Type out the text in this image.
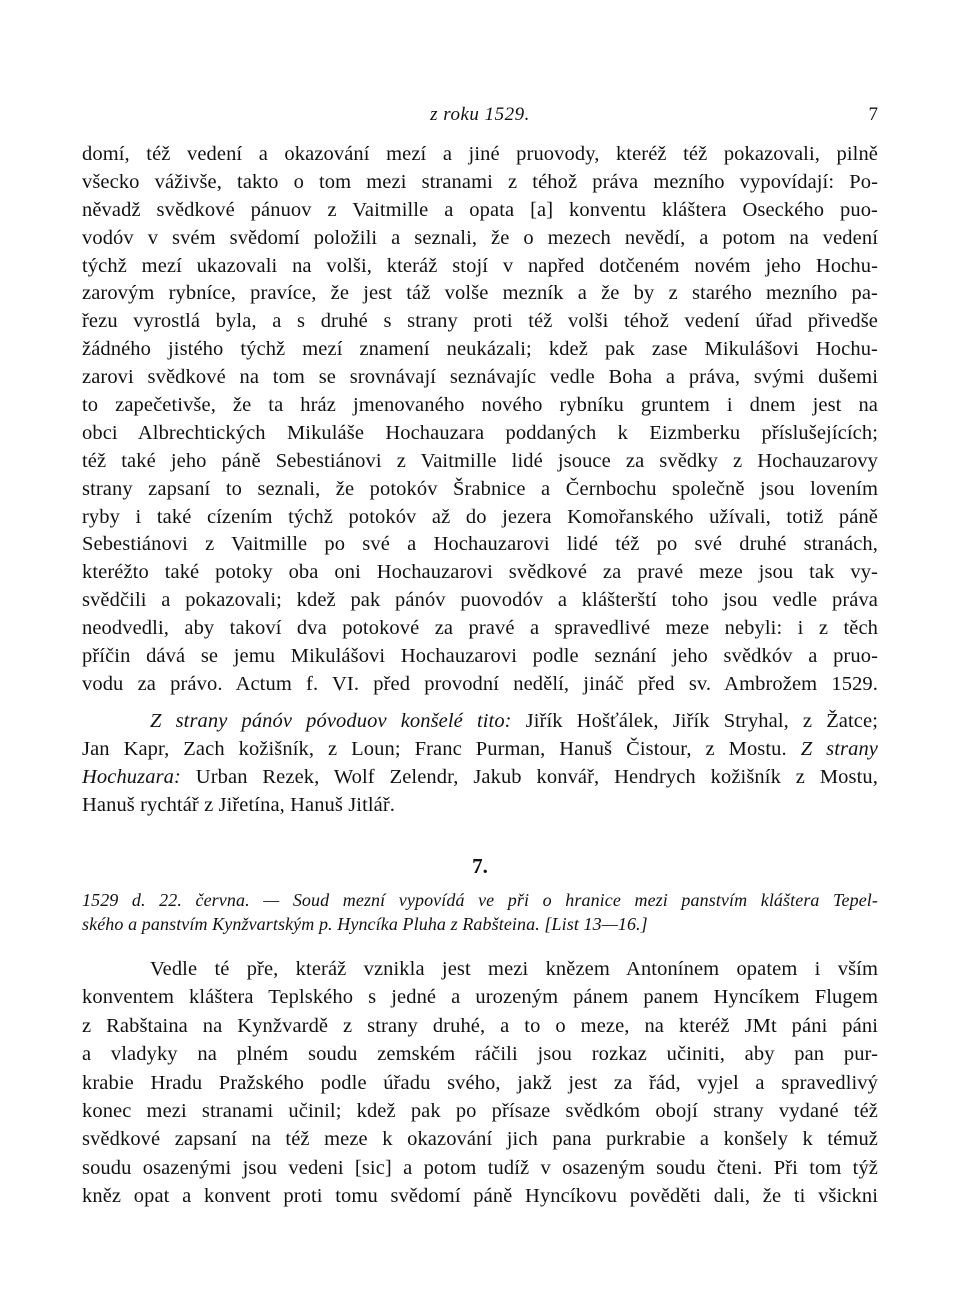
z roku 1529.	7
domí, též vedení a okazování mezí a jiné pruovody, kteréž též pokazovali, pilně
všecko váživše, takto o tom mezi stranami z téhož práva mezního vypovídají: Po-
něvadž svědkové pánuov z Vaitmille a opata [a] konventu kláštera Oseckého puo-
vodóv v svém svědomí položili a seznali, že o mezech nevědí, a potom na vedení
týchž mezí ukazovali na volši, kteráž stojí v napřed dotčeném novém jeho Hochu-
zarovým rybníce, pravíce, že jest táž volše mezník a že by z starého mezního pa-
řezu vyrostlá byla, a s druhé s strany proti též volši téhož vedení úřad přivedše
žádného jistého týchž mezí znamení neukázali; kdež pak zase Mikulášovi Hochu-
zarovi svědkové na tom se srovnávají seznávajíc vedle Boha a práva, svými dušemi
to zapečetivše, že ta hráz jmenovaného nového rybníku gruntem i dnem jest na
obci Albrechtických Mikuláše Hochauzara poddaných k Eizmberku příslušejících;
též také jeho páně Sebestiánovi z Vaitmille lidé jsouce za svědky z Hochauzarovy
strany zapsaní to seznali, že potokóv Šrabnice a Černbochu společně jsou lovením
ryby i také cízením týchž potokóv až do jezera Komořanského užívali, totiž páně
Sebestiánovi z Vaitmille po své a Hochauzarovi lidé též po své druhé stranách,
kteréžto také potoky oba oni Hochauzarovi svědkové za pravé meze jsou tak vy-
svědčili a pokazovali; kdež pak pánóv puovodóv a klášterští toho jsou vedle práva
neodvedli, aby takoví dva potokové za pravé a spravedlivé meze nebyli: i z těch
příčin dává se jemu Mikulášovi Hochauzarovi podle seznání jeho svědkóv a pruo-
vodu za právo. Actum f. VI. před provodní nedělí, jináč před sv. Ambrožem 1529.
Z strany pánóv póvoduov konšelé tito: Jiřík Hošťálek, Jiřík Stryhal, z Žatce;
Jan Kapr, Zach kožišník, z Loun; Franc Purman, Hanuš Čistour, z Mostu. Z strany
Hochuzara: Urban Rezek, Wolf Zelendr, Jakub konvář, Hendrych kožišník z Mostu,
Hanuš rychtář z Jiřetína, Hanuš Jitlář.
7.
1529 d. 22. června. — Soud mezní vypovídá ve při o hranice mezi panstvím kláštera Tepel-
ského a panstvím Kynžvartským p. Hyncíka Pluha z Rabšteina. [List 13—16.]
Vedle té pře, kteráž vznikla jest mezi knězem Antonínem opatem i vším
konventem kláštera Teplského s jedné a urozeným pánem panem Hyncíkem Flugem
z Rabštaina na Kynžvardě z strany druhé, a to o meze, na kteréž JMt páni páni
a vladyky na plném soudu zemském ráčili jsou rozkaz učiniti, aby pan pur-
krabie Hradu Pražského podle úřadu svého, jakž jest za řád, vyjel a spravedlivý
konec mezi stranami učinil; kdež pak po přísaze svědkóm obojí strany vydané též
svědkové zapsaní na též meze k okazování jich pana purkrabie a konšely k témuž
soudu osazenými jsou vedeni [sic] a potom tudíž v osazeným soudu čteni. Při tom týž
kněz opat a konvent proti tomu svědomí páně Hyncíkovu pověděti dali, že ti všickni
